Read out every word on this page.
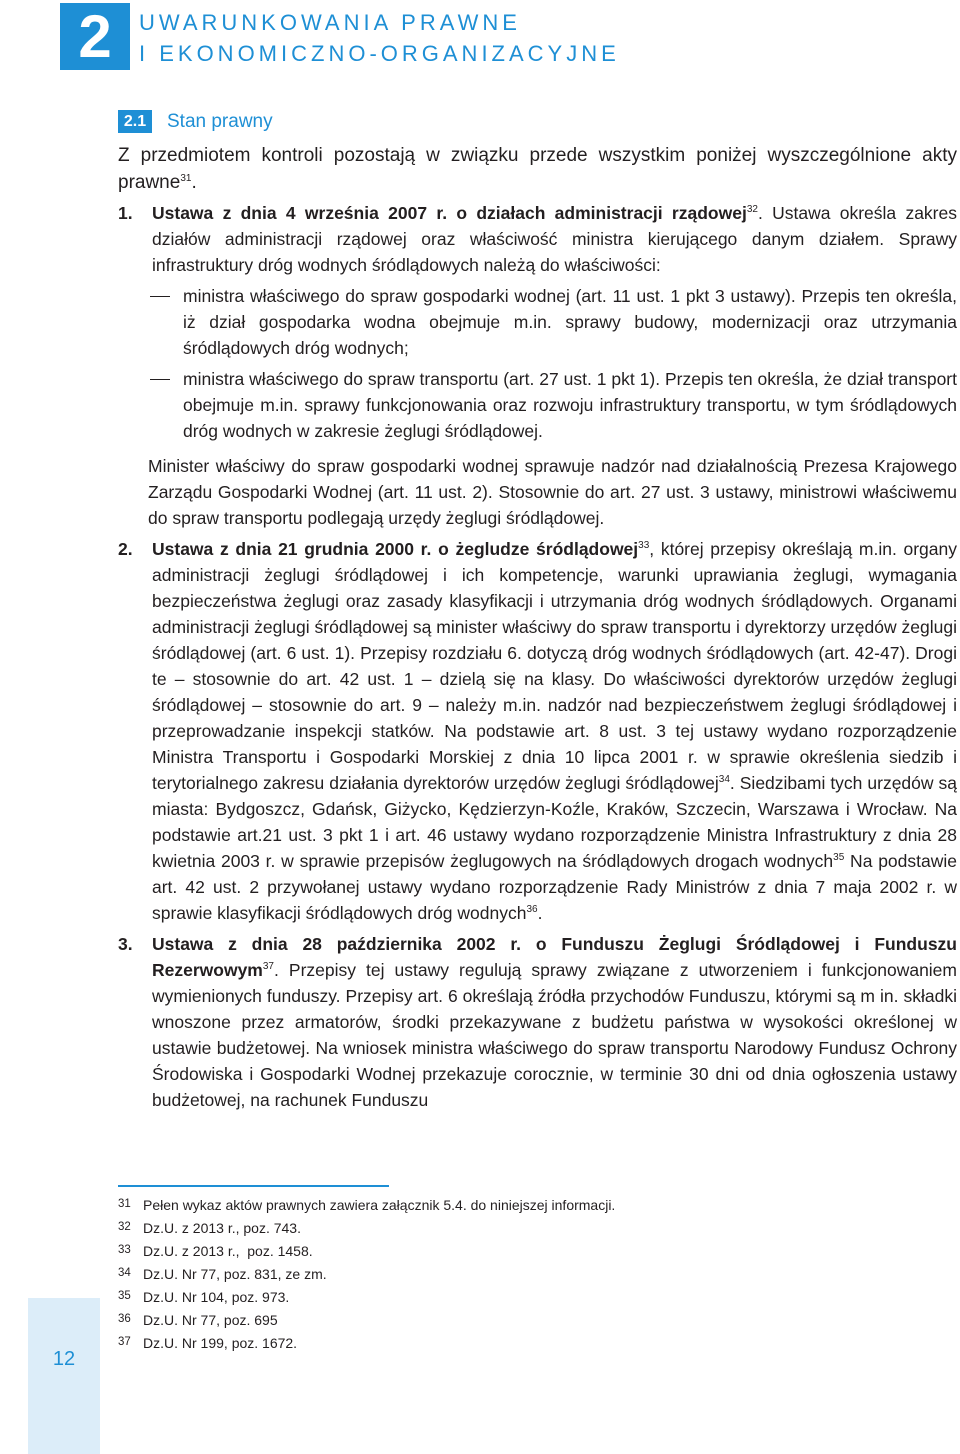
2 UWARUNKOWANIA PRAWNE
I EKONOMICZNO-ORGANIZACYJNE
2.1	Stan prawny

Z przedmiotem kontroli pozostają w związku przede wszystkim poniżej wyszczególnione akty prawne$^{31}$.

1.	Ustawa z dnia 4 września 2007 r. o działach administracji rządowej$^{32}$. Ustawa określa zakres działów administracji rządowej oraz właściwość ministra kierującego danym działem. Sprawy infrastruktury dróg wodnych śródlądowych należą do właściwości:

ministra właściwego do spraw gospodarki wodnej (art. 11 ust. 1 pkt 3 ustawy). Przepis ten określa, iż dział gospodarka wodna obejmuje m.in. sprawy budowy, modernizacji oraz utrzymania śródlądowych dróg wodnych;

ministra właściwego do spraw transportu (art. 27 ust. 1 pkt 1). Przepis ten określa, że dział transport obejmuje m.in. sprawy funkcjonowania oraz rozwoju infrastruktury transportu, w tym śródlądowych dróg wodnych w zakresie żeglugi śródlądowej.

Minister właściwy do spraw gospodarki wodnej sprawuje nadzór nad działalnością Prezesa Krajowego Zarządu Gospodarki Wodnej (art. 11 ust. 2). Stosownie do art. 27 ust. 3 ustawy, ministrowi właściwemu do spraw transportu podlegają urzędy żeglugi śródlądowej.

2.	Ustawa z dnia 21 grudnia 2000 r. o żegludze śródlądowej$^{33}$, której przepisy określają m.in. organy administracji żeglugi śródlądowej i ich kompetencje, warunki uprawiania żeglugi, wymagania bezpieczeństwa żeglugi oraz zasady klasyfikacji i utrzymania dróg wodnych śródlądowych. Organami administracji żeglugi śródlądowej są minister właściwy do spraw transportu i dyrektorzy urzędów żeglugi śródlądowej (art. 6 ust. 1). Przepisy rozdziału 6. dotyczą dróg wodnych śródlądowych (art. 42-47). Drogi te – stosownie do art. 42 ust. 1 – dzielą się na klasy. Do właściwości dyrektorów urzędów żeglugi śródlądowej – stosownie do art. 9 – należy m.in. nadzór nad bezpieczeństwem żeglugi śródlądowej i przeprowadzanie inspekcji statków. Na podstawie art. 8 ust. 3 tej ustawy wydano rozporządzenie Ministra Transportu i Gospodarki Morskiej z dnia 10 lipca 2001 r. w sprawie określenia siedzib i terytorialnego zakresu działania dyrektorów urzędów żeglugi śródlądowej$^{34}$. Siedzibami tych urzędów są miasta: Bydgoszcz, Gdańsk, Giżycko, Kędzierzyn-Koźle, Kraków, Szczecin, Warszawa i Wrocław. Na podstawie art.21 ust. 3 pkt 1 i art. 46 ustawy wydano rozporządzenie Ministra Infrastruktury z dnia 28 kwietnia 2003 r. w sprawie przepisów żeglugowych na śródlądowych drogach wodnych$^{35}$ Na podstawie art. 42 ust. 2 przywołanej ustawy wydano rozporządzenie Rady Ministrów z dnia 7 maja 2002 r. w sprawie klasyfikacji śródlądowych dróg wodnych$^{36}$.

3.	Ustawa z dnia 28 października 2002 r. o Funduszu Żeglugi Śródlądowej i Funduszu Rezerwowym$^{37}$. Przepisy tej ustawy regulują sprawy związane z utworzeniem i funkcjonowaniem wymienionych funduszy. Przepisy art. 6 określają źródła przychodów Funduszu, którymi są m in. składki wnoszone przez armatorów, środki przekazywane z budżetu państwa w wysokości określonej w ustawie budżetowej. Na wniosek ministra właściwego do spraw transportu Narodowy Fundusz Ochrony Środowiska i Gospodarki Wodnej przekazuje corocznie, w terminie 30 dni od dnia ogłoszenia ustawy budżetowej, na rachunek Funduszu

31 Pełen wykaz aktów prawnych zawiera załącznik 5.4. do niniejszej informacji.
32 Dz.U. z 2013 r., poz. 743.
33 Dz.U. z 2013 r.,  poz. 1458.
34 Dz.U. Nr 77, poz. 831, ze zm.
35 Dz.U. Nr 104, poz. 973.
36 Dz.U. Nr 77, poz. 695
37 Dz.U. Nr 199, poz. 1672.
12
